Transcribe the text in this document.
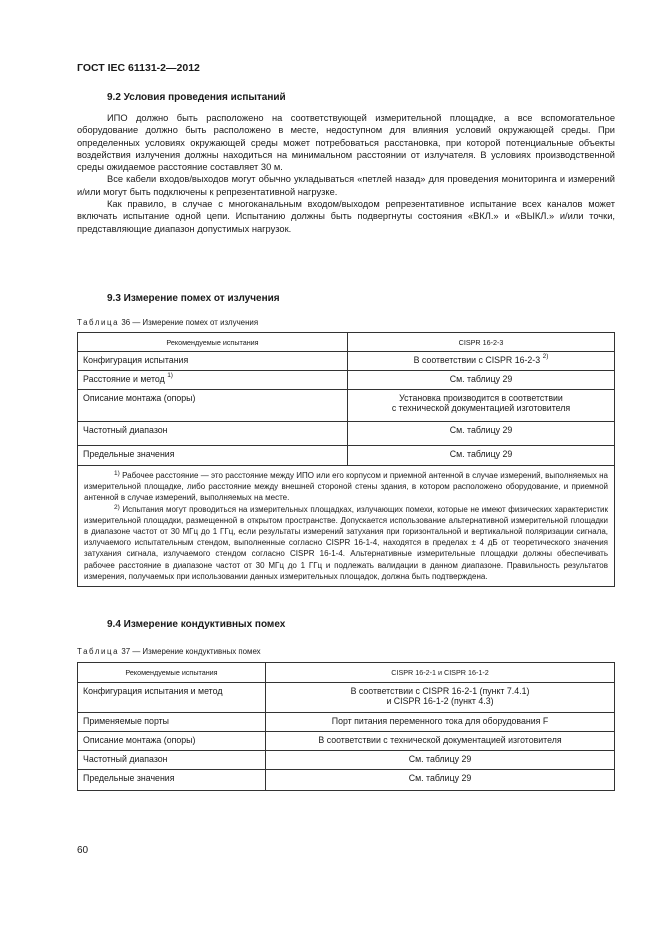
ГОСТ IEC 61131-2—2012
9.2 Условия проведения испытаний

ИПО должно быть расположено на соответствующей измерительной площадке, а все вспомогательное оборудование должно быть расположено в месте, недоступном для влияния условий окружающей среды. При определенных условиях окружающей среды может потребоваться расстановка, при которой потенциальные объекты воздействия излучения должны находиться на минимальном расстоянии от излучателя. В условиях производственной среды ожидаемое расстояние составляет 30 м.

Все кабели входов/выходов могут обычно укладываться «петлей назад» для проведения мониторинга и измерений и/или могут быть подключены к репрезентативной нагрузке.

Как правило, в случае с многоканальным входом/выходом репрезентативное испытание всех каналов может включать испытание одной цепи. Испытанию должны быть подвергнуты состояния «ВКЛ.» и «ВЫКЛ.» и/или точки, представляющие диапазон допустимых нагрузок.

9.3 Измерение помех от излучения
Таблица 36 — Измерение помех от излучения
Рекомендуемые испытания	CISPR 16-2-3
Конфигурация испытания	В соответствии с CISPR 16-2-3 $^{2)}$
Расстояние и метод $^{1)}$	См. таблицу 29
Описание монтажа (опоры)	Установка производится в соответствии
с технической документацией изготовителя

Частотный диапазон	См. таблицу 29
Предельные значения	См. таблицу 29

$^{1)}$ Рабочее расстояние — это расстояние между ИПО или его корпусом и приемной антенной в случае измерений, выполняемых на измерительной площадке, либо расстояние между внешней стороной стены здания, в котором расположено оборудование, и приемной антенной в случае измерений, выполняемых на месте.

$^{2)}$ Испытания могут проводиться на измерительных площадках, излучающих помехи, которые не имеют физических характеристик измерительной площадки, размещенной в открытом пространстве. Допускается использование альтернативной измерительной площадки в диапазоне частот от 30 МГц до 1 ГГц, если результаты измерений затухания при горизонтальной и вертикальной поляризации сигнала, излучаемого испытательным стендом, выполненные согласно CISPR 16-1-4, находятся в пределах ± 4 дБ от теоретического значения затухания сигнала, излучаемого стендом согласно CISPR 16-1-4. Альтернативные измерительные площадки должны обеспечивать рабочее расстояние в диапазоне частот от 30 МГц до 1 ГГц и подлежать валидации в данном диапазоне. Правильность результатов измерения, получаемых при использовании данных измерительных площадок, должна быть подтверждена.	

9.4 Измерение кондуктивных помех
Таблица 37 — Измерение кондуктивных помех
Рекомендуемые испытания	CISPR 16-2-1 и CISPR 16-1-2
Конфигурация испытания и метод	В соответствии с CISPR 16-2-1 (пункт 7.4.1)
и CISPR 16-1-2 (пункт 4.3)

Применяемые порты	Порт питания переменного тока для оборудования F
Описание монтажа (опоры)	В соответствии с технической документацией изготовителя
Частотный диапазон	См. таблицу 29
Предельные значения	См. таблицу 29
60
